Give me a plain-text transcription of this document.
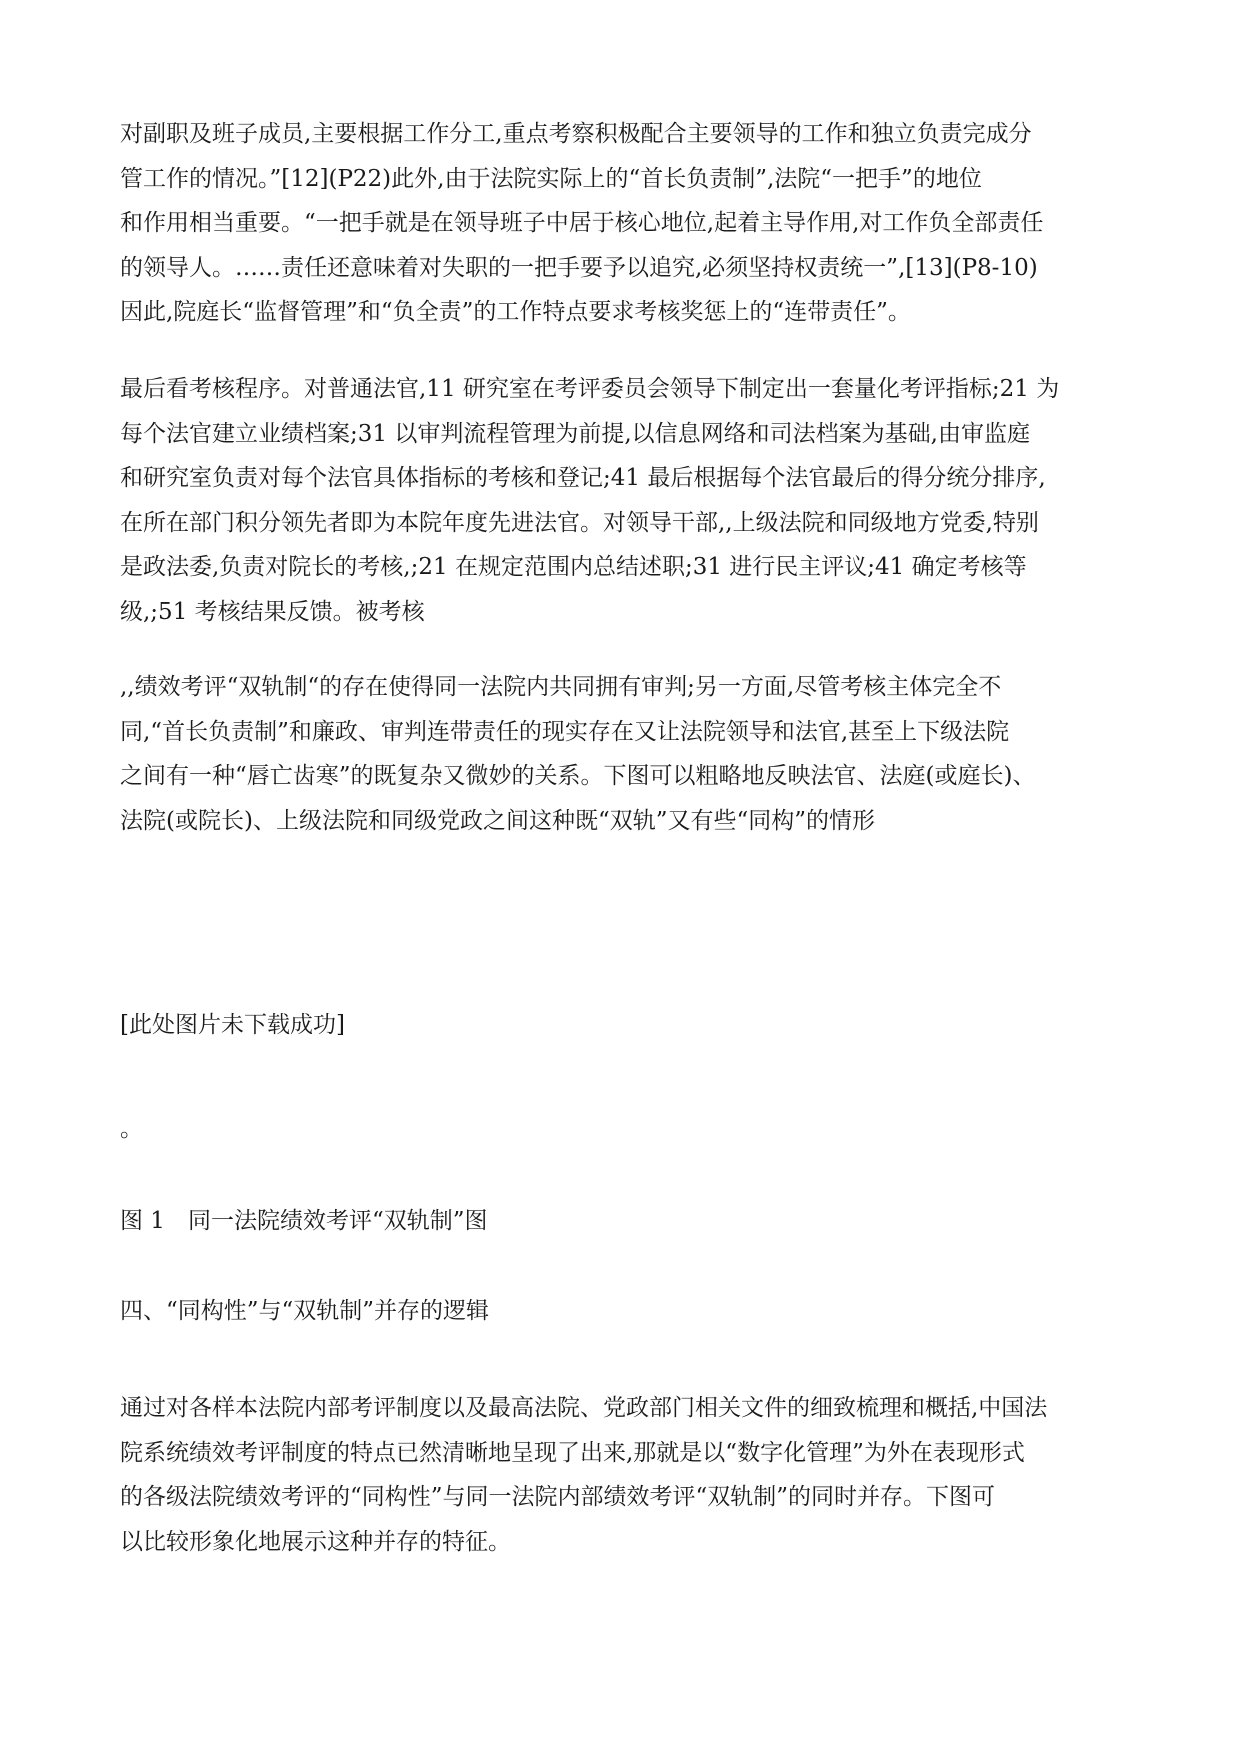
对副职及班子成员,主要根据工作分工,重点考察积极配合主要领导的工作和独立负责完成分
管工作的情况。”[12](P22)此外,由于法院实际上的“首长负责制”,法院“一把手”的地位
和作用相当重要。“一把手就是在领导班子中居于核心地位,起着主导作用,对工作负全部责任
的领导人。……责任还意味着对失职的一把手要予以追究,必须坚持权责统一”,[13](P8-10)
因此,院庭长“监督管理”和“负全责”的工作特点要求考核奖惩上的“连带责任”。
最后看考核程序。对普通法官,11 研究室在考评委员会领导下制定出一套量化考评指标;21 为
每个法官建立业绩档案;31 以审判流程管理为前提,以信息网络和司法档案为基础,由审监庭
和研究室负责对每个法官具体指标的考核和登记;41 最后根据每个法官最后的得分统分排序,
在所在部门积分领先者即为本院年度先进法官。对领导干部,,上级法院和同级地方党委,特别
是政法委,负责对院长的考核,;21 在规定范围内总结述职;31 进行民主评议;41 确定考核等
级,;51 考核结果反馈。被考核
,,绩效考评“双轨制“的存在使得同一法院内共同拥有审判;另一方面,尽管考核主体完全不
同,“首长负责制”和廉政、审判连带责任的现实存在又让法院领导和法官,甚至上下级法院
之间有一种“唇亡齿寒”的既复杂又微妙的关系。下图可以粗略地反映法官、法庭(或庭长)、
法院(或院长)、上级法院和同级党政之间这种既“双轨”又有些“同构”的情形
[此处图片未下载成功]
。
图 1　同一法院绩效考评“双轨制”图
四、“同构性”与“双轨制”并存的逻辑
通过对各样本法院内部考评制度以及最高法院、党政部门相关文件的细致梳理和概括,中国法
院系统绩效考评制度的特点已然清晰地呈现了出来,那就是以“数字化管理”为外在表现形式
的各级法院绩效考评的“同构性”与同一法院内部绩效考评“双轨制”的同时并存。下图可
以比较形象化地展示这种并存的特征。
